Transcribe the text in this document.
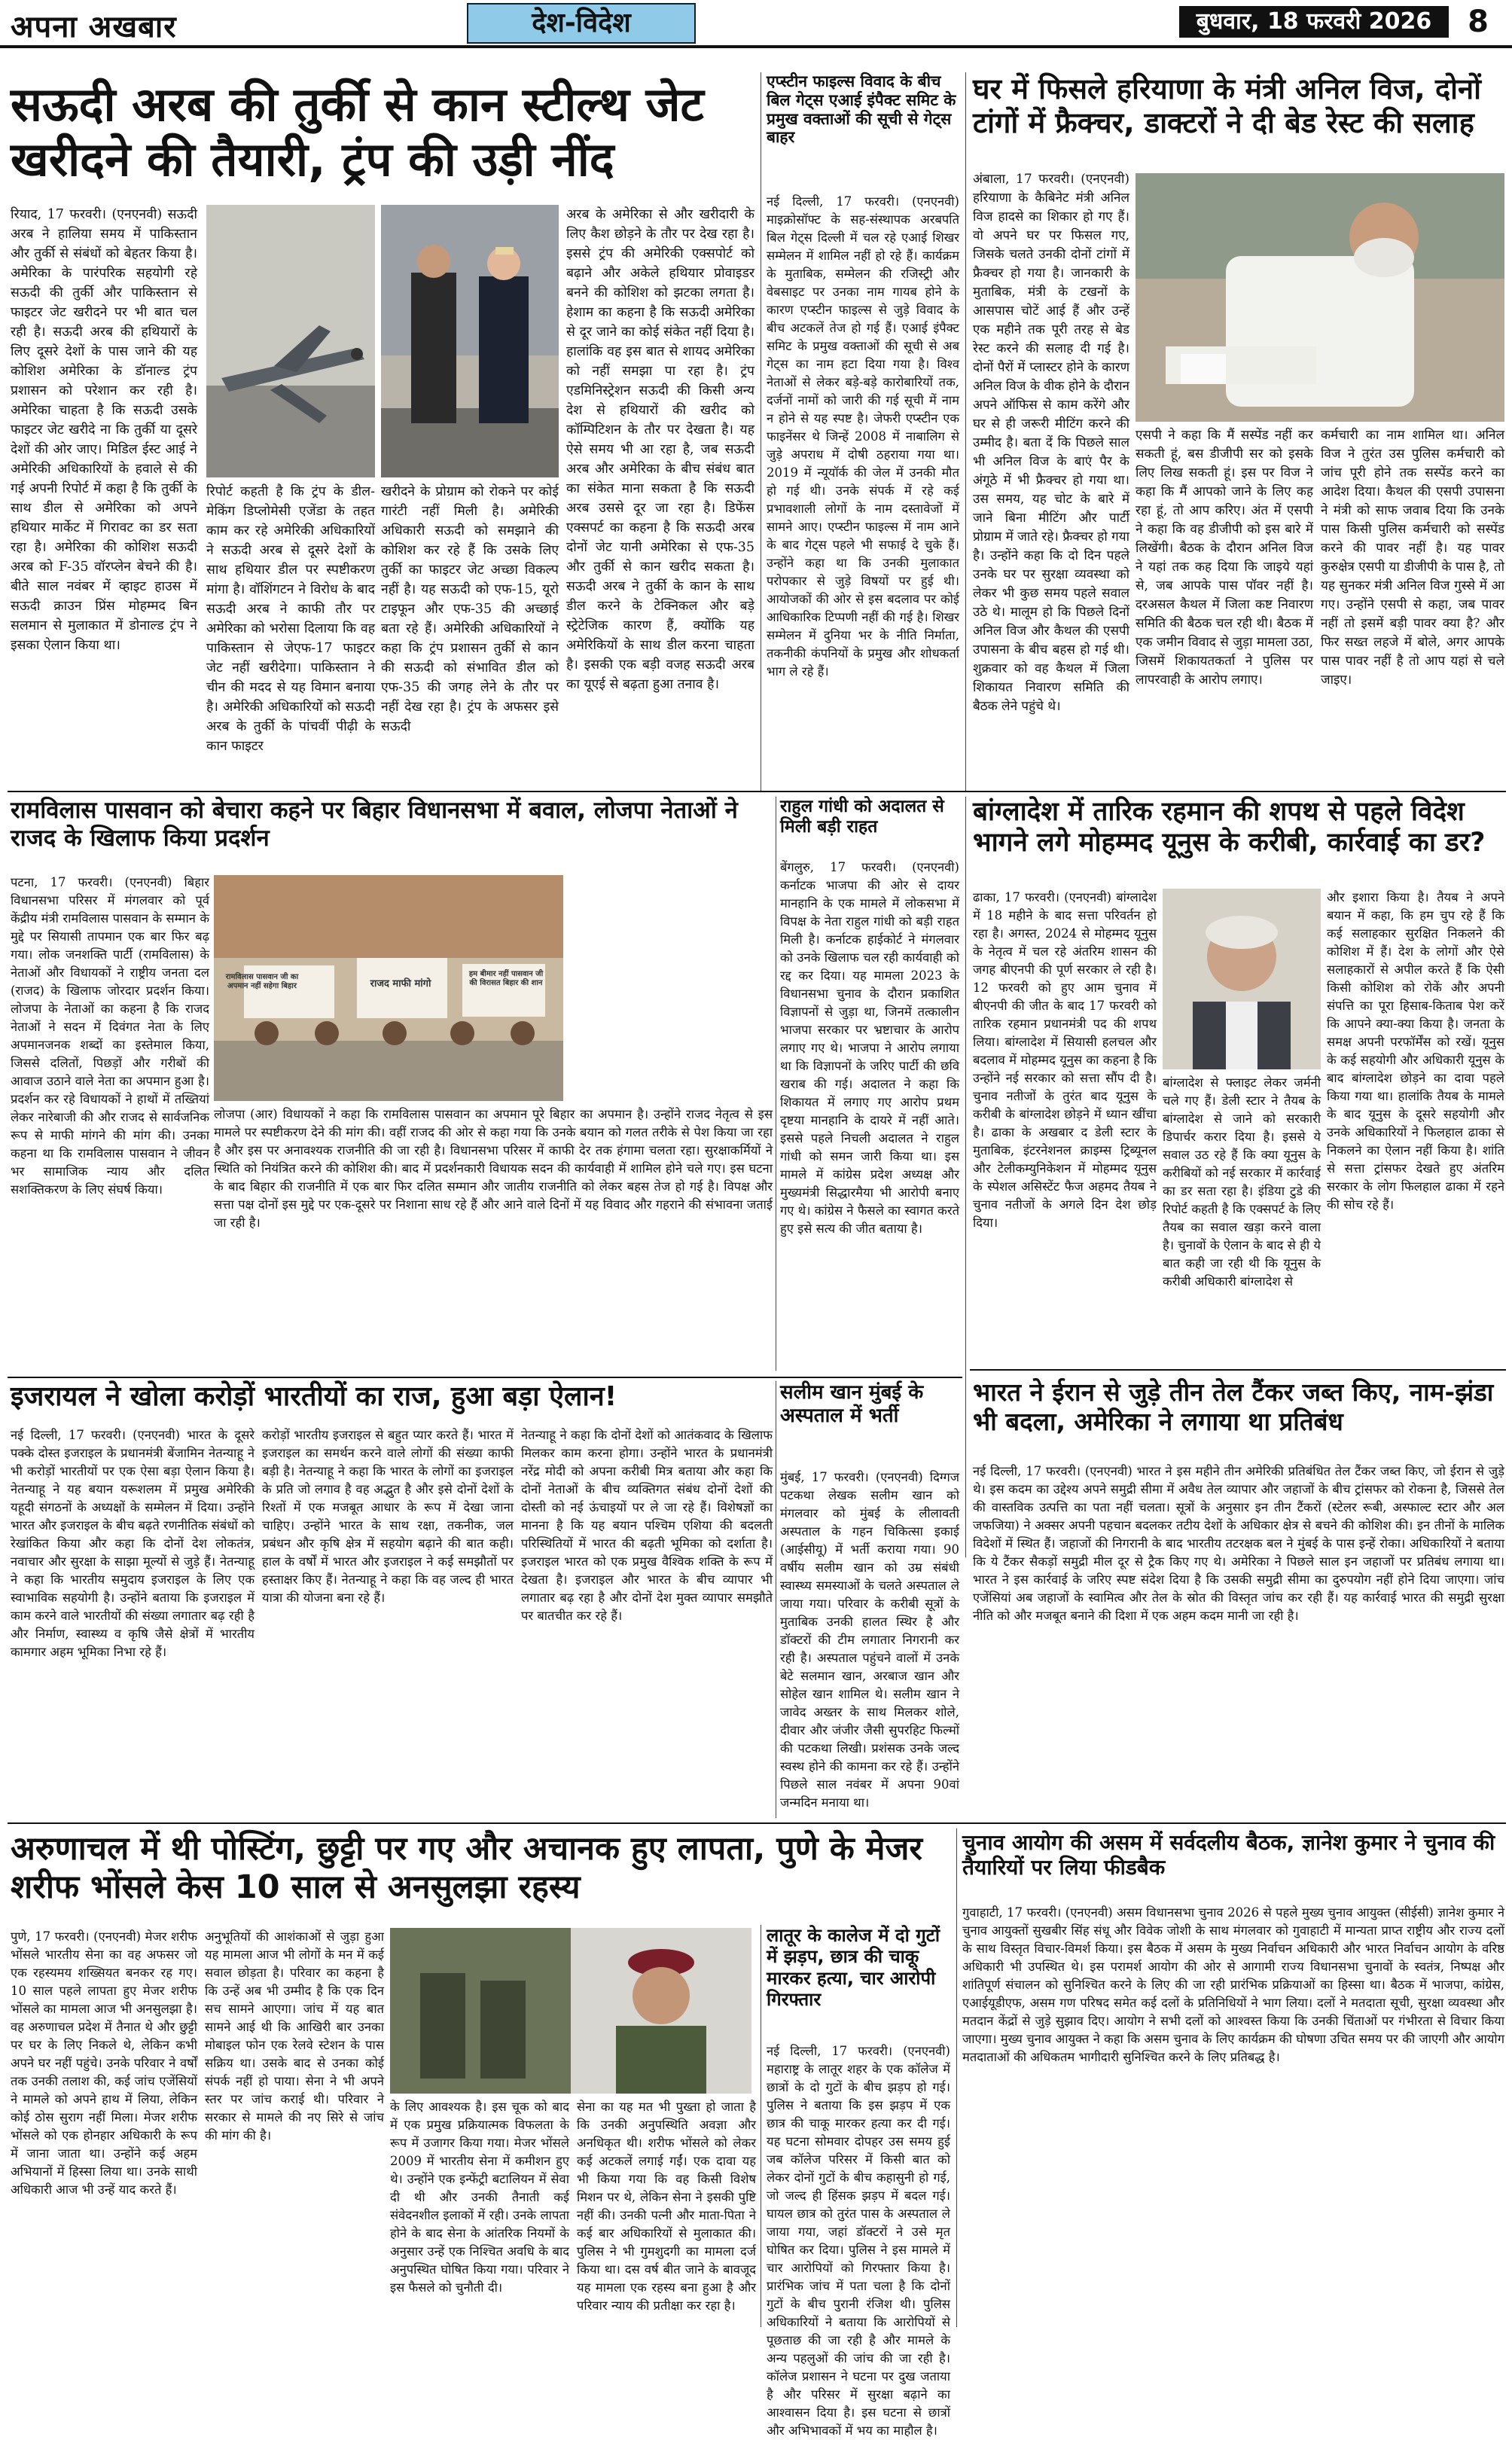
अपना अखबार	देश-विदेश	बुधवार, 18 फरवरी 2026	8
सऊदी अरब की तुर्की से कान स्टील्थ जेट खरीदने की तैयारी, ट्रंप की उड़ी नींद

रियाद, 17 फरवरी। (एनएनवी) सऊदी अरब ने हालिया समय में पाकिस्तान और तुर्की से संबंधों को बेहतर किया है। अमेरिका के पारंपरिक सहयोगी रहे सऊदी की तुर्की और पाकिस्तान से फाइटर जेट खरीदने पर भी बात चल रही है। सऊदी अरब की हथियारों के लिए दूसरे देशों के पास जाने की यह कोशिश अमेरिका के डॉनाल्ड ट्रंप प्रशासन को परेशान कर रही है। अमेरिका चाहता है कि सऊदी उसके फाइटर जेट खरीदे ना कि तुर्की या दूसरे देशों की ओर जाए। मिडिल ईस्ट आई ने अमेरिकी अधिकारियों के हवाले से की गई अपनी रिपोर्ट में कहा है कि तुर्की के साथ डील से अमेरिका को अपने हथियार मार्केट में गिरावट का डर सता रहा है। अमेरिका की कोशिश सऊदी अरब को F-35 वॉरप्लेन बेचने की है। बीते साल नवंबर में व्हाइट हाउस में सऊदी क्राउन प्रिंस मोहम्मद बिन सलमान से मुलाकात में डोनाल्ड ट्रंप ने इसका ऐलान किया था।

रिपोर्ट कहती है कि ट्रंप के डील-मेकिंग डिप्लोमेसी एजेंडा के तहत काम कर रहे अमेरिकी अधिकारियों ने सऊदी अरब से दूसरे देशों के साथ हथियार डील पर स्पष्टीकरण मांगा है। वॉशिंगटन ने विरोध के बाद सऊदी अरब ने काफी तौर पर अमेरिका को भरोसा दिलाया कि वह पाकिस्तान से जेएफ-17 फाइटर जेट नहीं खरीदेगा। पाकिस्तान ने चीन की मदद से यह विमान बनाया है। अमेरिकी अधिकारियों को सऊदी अरब के तुर्की के पांचवीं पीढ़ी के कान फाइटर

खरीदने के प्रोग्राम को रोकने पर कोई गारंटी नहीं मिली है। अमेरिकी अधिकारी सऊदी को समझाने की कोशिश कर रहे हैं कि उसके लिए तुर्की का फाइटर जेट अच्छा विकल्प नहीं है। यह सऊदी को एफ-15, यूरो टाइफून और एफ-35 की अच्छाई बता रहे हैं। अमेरिकी अधिकारियों ने कहा कि ट्रंप प्रशासन तुर्की से कान की सऊदी को संभावित डील को एफ-35 की जगह लेने के तौर पर नहीं देख रहा है। ट्रंप के अफसर इसे सऊदी

अरब के अमेरिका से और खरीदारी के लिए कैश छोड़ने के तौर पर देख रहा है। इससे ट्रंप की अमेरिकी एक्सपोर्ट को बढ़ाने और अकेले हथियार प्रोवाइडर बनने की कोशिश को झटका लगता है। हेशाम का कहना है कि सऊदी अमेरिका से दूर जाने का कोई संकेत नहीं दिया है। हालांकि वह इस बात से शायद अमेरिका को नहीं समझा पा रहा है। ट्रंप एडमिनिस्ट्रेशन सऊदी की किसी अन्य देश से हथियारों की खरीद को कॉम्पिटिशन के तौर पर देखता है। यह ऐसे समय भी आ रहा है, जब सऊदी अरब और अमेरिका के बीच संबंध बात का संकेत माना सकता है कि सऊदी अरब उससे दूर जा रहा है। डिफेंस एक्सपर्ट का कहना है कि सऊदी अरब दोनों जेट यानी अमेरिका से एफ-35 और तुर्की से कान खरीद सकता है। सऊदी अरब ने तुर्की के कान के साथ डील करने के टेक्निकल और बड़े स्ट्रेटेजिक कारण हैं, क्योंकि यह अमेरिकियों के साथ डील करना चाहता है। इसकी एक बड़ी वजह सऊदी अरब का यूएई से बढ़ता हुआ तनाव है।

एप्स्टीन फाइल्स विवाद के बीच बिल गेट्स एआई इंपैक्ट समिट के प्रमुख वक्ताओं की सूची से गेट्स बाहर

नई दिल्ली, 17 फरवरी। (एनएनवी) माइक्रोसॉफ्ट के सह-संस्थापक अरबपति बिल गेट्स दिल्ली में चल रहे एआई शिखर सम्मेलन में शामिल नहीं हो रहे हैं। कार्यक्रम के मुताबिक, सम्मेलन की रजिस्ट्री और वेबसाइट पर उनका नाम गायब होने के कारण एप्स्टीन फाइल्स से जुड़े विवाद के बीच अटकलें तेज हो गई हैं। एआई इंपैक्ट समिट के प्रमुख वक्ताओं की सूची से अब गेट्स का नाम हटा दिया गया है। विश्व नेताओं से लेकर बड़े-बड़े कारोबारियों तक, दर्जनों नामों को जारी की गई सूची में नाम न होने से यह स्पष्ट है। जेफरी एप्स्टीन एक फाइनेंसर थे जिन्हें 2008 में नाबालिग से जुड़े अपराध में दोषी ठहराया गया था। 2019 में न्यूयॉर्क की जेल में उनकी मौत हो गई थी। उनके संपर्क में रहे कई प्रभावशाली लोगों के नाम दस्तावेजों में सामने आए। एप्स्टीन फाइल्स में नाम आने के बाद गेट्स पहले भी सफाई दे चुके हैं। उन्होंने कहा था कि उनकी मुलाकात परोपकार से जुड़े विषयों पर हुई थी। आयोजकों की ओर से इस बदलाव पर कोई आधिकारिक टिप्पणी नहीं की गई है। शिखर सम्मेलन में दुनिया भर के नीति निर्माता, तकनीकी कंपनियों के प्रमुख और शोधकर्ता भाग ले रहे हैं।

घर में फिसले हरियाणा के मंत्री अनिल विज, दोनों टांगों में फ्रैक्चर, डाक्टरों ने दी बेड रेस्ट की सलाह

अंबाला, 17 फरवरी। (एनएनवी) हरियाणा के कैबिनेट मंत्री अनिल विज हादसे का शिकार हो गए हैं। वो अपने घर पर फिसल गए, जिसके चलते उनकी दोनों टांगों में फ्रैक्चर हो गया है। जानकारी के मुताबिक, मंत्री के टखनों के आसपास चोटें आई हैं और उन्हें एक महीने तक पूरी तरह से बेड रेस्ट करने की सलाह दी गई है। दोनों पैरों में प्लास्टर होने के कारण अनिल विज के वीक होने के दौरान अपने ऑफिस से काम करेंगे और घर से ही जरूरी मीटिंग करने की उम्मीद है। बता दें कि पिछले साल भी अनिल विज के बाएं पैर के अंगूठे में भी फ्रैक्चर हो गया था। उस समय, यह चोट के बारे में जाने बिना मीटिंग और पार्टी प्रोग्राम में जाते रहे। फ्रैक्चर हो गया है। उन्होंने कहा कि दो दिन पहले उनके घर पर सुरक्षा व्यवस्था को लेकर भी कुछ समय पहले सवाल उठे थे। मालूम हो कि पिछले दिनों अनिल विज और कैथल की एसपी उपासना के बीच बहस हो गई थी। शुक्रवार को वह कैथल में जिला शिकायत निवारण समिति की बैठक लेने पहुंचे थे।

एसपी ने कहा कि मैं सस्पेंड नहीं कर सकती हूं, बस डीजीपी सर को इसके लिए लिख सकती हूं। इस पर विज ने कहा कि मैं आपको जाने के लिए कह रहा हूं, तो आप करिए। अंत में एसपी ने कहा कि वह डीजीपी को इस बारे में लिखेंगी। बैठक के दौरान अनिल विज ने यहां तक कह दिया कि जाइये यहां से, जब आपके पास पॉवर नहीं है। दरअसल कैथल में जिला कष्ट निवारण समिति की बैठक चल रही थी। बैठक में एक जमीन विवाद से जुड़ा मामला उठा, जिसमें शिकायतकर्ता ने पुलिस पर लापरवाही के आरोप लगाए।

कर्मचारी का नाम शामिल था। अनिल विज ने तुरंत उस पुलिस कर्मचारी को जांच पूरी होने तक सस्पेंड करने का आदेश दिया। कैथल की एसपी उपासना ने मंत्री को साफ जवाब दिया कि उनके पास किसी पुलिस कर्मचारी को सस्पेंड करने की पावर नहीं है। यह पावर कुरुक्षेत्र एसपी या डीजीपी के पास है, तो यह सुनकर मंत्री अनिल विज गुस्से में आ गए। उन्होंने एसपी से कहा, जब पावर नहीं तो इसमें बड़ी पावर क्या है? और फिर सख्त लहजे में बोले, अगर आपके पास पावर नहीं है तो आप यहां से चले जाइए।

रामविलास पासवान को बेचारा कहने पर बिहार विधानसभा में बवाल, लोजपा नेताओं ने राजद के खिलाफ किया प्रदर्शन

पटना, 17 फरवरी। (एनएनवी) बिहार विधानसभा परिसर में मंगलवार को पूर्व केंद्रीय मंत्री रामविलास पासवान के सम्मान के मुद्दे पर सियासी तापमान एक बार फिर बढ़ गया। लोक जनशक्ति पार्टी (रामविलास) के नेताओं और विधायकों ने राष्ट्रीय जनता दल (राजद) के खिलाफ जोरदार प्रदर्शन किया। लोजपा के नेताओं का कहना है कि राजद नेताओं ने सदन में दिवंगत नेता के लिए अपमानजनक शब्दों का इस्तेमाल किया, जिससे दलितों, पिछड़ों और गरीबों की आवाज उठाने वाले नेता का अपमान हुआ है। प्रदर्शन कर रहे विधायकों ने हाथों में तख्तियां लेकर नारेबाजी की और राजद से सार्वजनिक रूप से माफी मांगने की मांग की। उनका कहना था कि रामविलास पासवान ने जीवन भर सामाजिक न्याय और दलित सशक्तिकरण के लिए संघर्ष किया।

रामविलास पासवान जी का अपमान नहीं सहेगा बिहार	राजद माफी मांगो
हम बीमार नहीं पासवान जी की विरासत बिहार की शान

लोजपा (आर) विधायकों ने कहा कि रामविलास पासवान का अपमान पूरे बिहार का अपमान है। उन्होंने राजद नेतृत्व से इस मामले पर स्पष्टीकरण देने की मांग की। वहीं राजद की ओर से कहा गया कि उनके बयान को गलत तरीके से पेश किया जा रहा है और इस पर अनावश्यक राजनीति की जा रही है। विधानसभा परिसर में काफी देर तक हंगामा चलता रहा। सुरक्षाकर्मियों ने स्थिति को नियंत्रित करने की कोशिश की। बाद में प्रदर्शनकारी विधायक सदन की कार्यवाही में शामिल होने चले गए। इस घटना के बाद बिहार की राजनीति में एक बार फिर दलित सम्मान और जातीय राजनीति को लेकर बहस तेज हो गई है। विपक्ष और सत्ता पक्ष दोनों इस मुद्दे पर एक-दूसरे पर निशाना साध रहे हैं और आने वाले दिनों में यह विवाद और गहराने की संभावना जताई जा रही है।

राहुल गांधी को अदालत से मिली बड़ी राहत

बेंगलुरु, 17 फरवरी। (एनएनवी) कर्नाटक भाजपा की ओर से दायर मानहानि के एक मामले में लोकसभा में विपक्ष के नेता राहुल गांधी को बड़ी राहत मिली है। कर्नाटक हाईकोर्ट ने मंगलवार को उनके खिलाफ चल रही कार्यवाही को रद्द कर दिया। यह मामला 2023 के विधानसभा चुनाव के दौरान प्रकाशित विज्ञापनों से जुड़ा था, जिनमें तत्कालीन भाजपा सरकार पर भ्रष्टाचार के आरोप लगाए गए थे। भाजपा ने आरोप लगाया था कि विज्ञापनों के जरिए पार्टी की छवि खराब की गई। अदालत ने कहा कि शिकायत में लगाए गए आरोप प्रथम दृष्टया मानहानि के दायरे में नहीं आते। इससे पहले निचली अदालत ने राहुल गांधी को समन जारी किया था। इस मामले में कांग्रेस प्रदेश अध्यक्ष और मुख्यमंत्री सिद्धारमैया भी आरोपी बनाए गए थे। कांग्रेस ने फैसले का स्वागत करते हुए इसे सत्य की जीत बताया है।

बांग्लादेश में तारिक रहमान की शपथ से पहले विदेश भागने लगे मोहम्मद यूनुस के करीबी, कार्रवाई का डर?

ढाका, 17 फरवरी। (एनएनवी) बांग्लादेश में 18 महीने के बाद सत्ता परिवर्तन हो रहा है। अगस्त, 2024 से मोहम्मद यूनुस के नेतृत्व में चल रहे अंतरिम शासन की जगह बीएनपी की पूर्ण सरकार ले रही है। 12 फरवरी को हुए आम चुनाव में बीएनपी की जीत के बाद 17 फरवरी को तारिक रहमान प्रधानमंत्री पद की शपथ लिया। बांग्लादेश में सियासी हलचल और बदलाव में मोहम्मद यूनुस का कहना है कि उन्होंने नई सरकार को सत्ता सौंप दी है। चुनाव नतीजों के तुरंत बाद यूनुस के करीबी के बांग्लादेश छोड़ने में ध्यान खींचा है। ढाका के अखबार द डेली स्टार के मुताबिक, इंटरनेशनल क्राइम्स ट्रिब्यूनल और टेलीकम्युनिकेशन में मोहम्मद यूनुस के स्पेशल असिस्टेंट फैज अहमद तैयब ने चुनाव नतीजों के अगले दिन देश छोड़ दिया।

बांग्लादेश से फ्लाइट लेकर जर्मनी चले गए हैं। डेली स्टार ने तैयब के बांग्लादेश से जाने को सरकारी डिपार्चर करार दिया है। इससे ये सवाल उठ रहे हैं कि क्या यूनुस के करीबियों को नई सरकार में कार्रवाई का डर सता रहा है। इंडिया टुडे की रिपोर्ट कहती है कि एक्सपर्ट के लिए तैयब का सवाल खड़ा करने वाला है। चुनावों के ऐलान के बाद से ही ये बात कही जा रही थी कि यूनुस के करीबी अधिकारी बांग्लादेश से

और इशारा किया है। तैयब ने अपने बयान में कहा, कि हम चुप रहे हैं कि कई सलाहकार सुरक्षित निकलने की कोशिश में हैं। देश के लोगों और ऐसे सलाहकारों से अपील करते हैं कि ऐसी किसी कोशिश को रोकें और अपनी संपत्ति का पूरा हिसाब-किताब पेश करें कि आपने क्या-क्या किया है। जनता के समक्ष अपनी परफॉर्मेंस को रखें। यूनुस के कई सहयोगी और अधिकारी यूनुस के बाद बांग्लादेश छोड़ने का दावा पहले किया गया था। हालांकि तैयब के मामले के बाद यूनुस के दूसरे सहयोगी और उनके अधिकारियों ने फिलहाल ढाका से निकलने का ऐलान नहीं किया है। शांति से सत्ता ट्रांसफर देखते हुए अंतरिम सरकार के लोग फिलहाल ढाका में रहने की सोच रहे हैं।

इजरायल ने खोला करोड़ों भारतीयों का राज, हुआ बड़ा ऐलान!

नई दिल्ली, 17 फरवरी। (एनएनवी) भारत के दूसरे पक्के दोस्त इजराइल के प्रधानमंत्री बेंजामिन नेतन्याहू ने भी करोड़ों भारतीयों पर एक ऐसा बड़ा ऐलान किया है। नेतन्याहू ने यह बयान यरूशलम में प्रमुख अमेरिकी यहूदी संगठनों के अध्यक्षों के सम्मेलन में दिया। उन्होंने भारत और इजराइल के बीच बढ़ते रणनीतिक संबंधों को रेखांकित किया और कहा कि दोनों देश लोकतंत्र, नवाचार और सुरक्षा के साझा मूल्यों से जुड़े हैं। नेतन्याहू ने कहा कि भारतीय समुदाय इजराइल के लिए एक स्वाभाविक सहयोगी है। उन्होंने बताया कि इजराइल में काम करने वाले भारतीयों की संख्या लगातार बढ़ रही है और निर्माण, स्वास्थ्य व कृषि जैसे क्षेत्रों में भारतीय कामगार अहम भूमिका निभा रहे हैं।

करोड़ों भारतीय इजराइल से बहुत प्यार करते हैं। भारत में इजराइल का समर्थन करने वाले लोगों की संख्या काफी बड़ी है। नेतन्याहू ने कहा कि भारत के लोगों का इजराइल के प्रति जो लगाव है वह अद्भुत है और इसे दोनों देशों के रिश्तों में एक मजबूत आधार के रूप में देखा जाना चाहिए। उन्होंने भारत के साथ रक्षा, तकनीक, जल प्रबंधन और कृषि क्षेत्र में सहयोग बढ़ाने की बात कही। हाल के वर्षों में भारत और इजराइल ने कई समझौतों पर हस्ताक्षर किए हैं। नेतन्याहू ने कहा कि वह जल्द ही भारत यात्रा की योजना बना रहे हैं।

नेतन्याहू ने कहा कि दोनों देशों को आतंकवाद के खिलाफ मिलकर काम करना होगा। उन्होंने भारत के प्रधानमंत्री नरेंद्र मोदी को अपना करीबी मित्र बताया और कहा कि दोनों नेताओं के बीच व्यक्तिगत संबंध दोनों देशों की दोस्ती को नई ऊंचाइयों पर ले जा रहे हैं। विशेषज्ञों का मानना है कि यह बयान पश्चिम एशिया की बदलती परिस्थितियों में भारत की बढ़ती भूमिका को दर्शाता है। इजराइल भारत को एक प्रमुख वैश्विक शक्ति के रूप में देखता है। इजराइल और भारत के बीच व्यापार भी लगातार बढ़ रहा है और दोनों देश मुक्त व्यापार समझौते पर बातचीत कर रहे हैं।

सलीम खान मुंबई के अस्पताल में भर्ती

मुंबई, 17 फरवरी। (एनएनवी) दिग्गज पटकथा लेखक सलीम खान को मंगलवार को मुंबई के लीलावती अस्पताल के गहन चिकित्सा इकाई (आईसीयू) में भर्ती कराया गया। 90 वर्षीय सलीम खान को उम्र संबंधी स्वास्थ्य समस्याओं के चलते अस्पताल ले जाया गया। परिवार के करीबी सूत्रों के मुताबिक उनकी हालत स्थिर है और डॉक्टरों की टीम लगातार निगरानी कर रही है। अस्पताल पहुंचने वालों में उनके बेटे सलमान खान, अरबाज खान और सोहेल खान शामिल थे। सलीम खान ने जावेद अख्तर के साथ मिलकर शोले, दीवार और जंजीर जैसी सुपरहिट फिल्मों की पटकथा लिखी। प्रशंसक उनके जल्द स्वस्थ होने की कामना कर रहे हैं। उन्होंने पिछले साल नवंबर में अपना 90वां जन्मदिन मनाया था।

भारत ने ईरान से जुड़े तीन तेल टैंकर जब्त किए, नाम-झंडा भी बदला, अमेरिका ने लगाया था प्रतिबंध

नई दिल्ली, 17 फरवरी। (एनएनवी) भारत ने इस महीने तीन अमेरिकी प्रतिबंधित तेल टैंकर जब्त किए, जो ईरान से जुड़े थे। इस कदम का उद्देश्य अपने समुद्री सीमा में अवैध तेल व्यापार और जहाजों के बीच ट्रांसफर को रोकना है, जिससे तेल की वास्तविक उत्पत्ति का पता नहीं चलता। सूत्रों के अनुसार इन तीन टैंकरों (स्टेलर रूबी, अस्फाल्ट स्टार और अल जफजिया) ने अक्सर अपनी पहचान बदलकर तटीय देशों के अधिकार क्षेत्र से बचने की कोशिश की। इन तीनों के मालिक विदेशों में स्थित हैं। जहाजों की निगरानी के बाद भारतीय तटरक्षक बल ने मुंबई के पास इन्हें रोका। अधिकारियों ने बताया कि ये टैंकर सैकड़ों समुद्री मील दूर से ट्रैक किए गए थे। अमेरिका ने पिछले साल इन जहाजों पर प्रतिबंध लगाया था। भारत ने इस कार्रवाई के जरिए स्पष्ट संदेश दिया है कि उसकी समुद्री सीमा का दुरुपयोग नहीं होने दिया जाएगा। जांच एजेंसियां अब जहाजों के स्वामित्व और तेल के स्रोत की विस्तृत जांच कर रही हैं। यह कार्रवाई भारत की समुद्री सुरक्षा नीति को और मजबूत बनाने की दिशा में एक अहम कदम मानी जा रही है।

अरुणाचल में थी पोस्टिंग, छुट्टी पर गए और अचानक हुए लापता, पुणे के मेजर शरीफ भोंसले केस 10 साल से अनसुलझा रहस्य

पुणे, 17 फरवरी। (एनएनवी) मेजर शरीफ भोंसले भारतीय सेना का वह अफसर जो एक रहस्यमय शख्सियत बनकर रह गए। 10 साल पहले लापता हुए मेजर शरीफ भोंसले का मामला आज भी अनसुलझा है। वह अरुणाचल प्रदेश में तैनात थे और छुट्टी पर घर के लिए निकले थे, लेकिन कभी अपने घर नहीं पहुंचे। उनके परिवार ने वर्षों तक उनकी तलाश की, कई जांच एजेंसियों ने मामले को अपने हाथ में लिया, लेकिन कोई ठोस सुराग नहीं मिला। मेजर शरीफ भोंसले को एक होनहार अधिकारी के रूप में जाना जाता था। उन्होंने कई अहम अभियानों में हिस्सा लिया था। उनके साथी अधिकारी आज भी उन्हें याद करते हैं।

अनुभूतियों की आशंकाओं से जुड़ा हुआ यह मामला आज भी लोगों के मन में कई सवाल छोड़ता है। परिवार का कहना है कि उन्हें अब भी उम्मीद है कि एक दिन सच सामने आएगा। जांच में यह बात सामने आई थी कि आखिरी बार उनका मोबाइल फोन एक रेलवे स्टेशन के पास सक्रिय था। उसके बाद से उनका कोई संपर्क नहीं हो पाया। सेना ने भी अपने स्तर पर जांच कराई थी। परिवार ने सरकार से मामले की नए सिरे से जांच की मांग की है।

के लिए आवश्यक है। इस चूक को बाद में एक प्रमुख प्रक्रियात्मक विफलता के रूप में उजागर किया गया। मेजर भोंसले 2009 में भारतीय सेना में कमीशन हुए थे। उन्होंने एक इन्फेंट्री बटालियन में सेवा दी थी और उनकी तैनाती कई संवेदनशील इलाकों में रही। उनके लापता होने के बाद सेना के आंतरिक नियमों के अनुसार उन्हें एक निश्चित अवधि के बाद अनुपस्थित घोषित किया गया। परिवार ने इस फैसले को चुनौती दी।

सेना का यह मत भी पुख्ता हो जाता है कि उनकी अनुपस्थिति अवज्ञा और अनधिकृत थी। शरीफ भोंसले को लेकर कई अटकलें लगाई गईं। एक दावा यह भी किया गया कि वह किसी विशेष मिशन पर थे, लेकिन सेना ने इसकी पुष्टि नहीं की। उनकी पत्नी और माता-पिता ने कई बार अधिकारियों से मुलाकात की। पुलिस ने भी गुमशुदगी का मामला दर्ज किया था। दस वर्ष बीत जाने के बावजूद यह मामला एक रहस्य बना हुआ है और परिवार न्याय की प्रतीक्षा कर रहा है।

लातूर के कालेज में दो गुटों में झड़प, छात्र की चाकू मारकर हत्या, चार आरोपी गिरफ्तार

नई दिल्ली, 17 फरवरी। (एनएनवी) महाराष्ट्र के लातूर शहर के एक कॉलेज में छात्रों के दो गुटों के बीच झड़प हो गई। पुलिस ने बताया कि इस झड़प में एक छात्र की चाकू मारकर हत्या कर दी गई। यह घटना सोमवार दोपहर उस समय हुई जब कॉलेज परिसर में किसी बात को लेकर दोनों गुटों के बीच कहासुनी हो गई, जो जल्द ही हिंसक झड़प में बदल गई। घायल छात्र को तुरंत पास के अस्पताल ले जाया गया, जहां डॉक्टरों ने उसे मृत घोषित कर दिया। पुलिस ने इस मामले में चार आरोपियों को गिरफ्तार किया है। प्रारंभिक जांच में पता चला है कि दोनों गुटों के बीच पुरानी रंजिश थी। पुलिस अधिकारियों ने बताया कि आरोपियों से पूछताछ की जा रही है और मामले के अन्य पहलुओं की जांच की जा रही है। कॉलेज प्रशासन ने घटना पर दुख जताया है और परिसर में सुरक्षा बढ़ाने का आश्वासन दिया है। इस घटना से छात्रों और अभिभावकों में भय का माहौल है।

चुनाव आयोग की असम में सर्वदलीय बैठक, ज्ञानेश कुमार ने चुनाव की तैयारियों पर लिया फीडबैक

गुवाहाटी, 17 फरवरी। (एनएनवी) असम विधानसभा चुनाव 2026 से पहले मुख्य चुनाव आयुक्त (सीईसी) ज्ञानेश कुमार ने चुनाव आयुक्तों सुखबीर सिंह संधू और विवेक जोशी के साथ मंगलवार को गुवाहाटी में मान्यता प्राप्त राष्ट्रीय और राज्य दलों के साथ विस्तृत विचार-विमर्श किया। इस बैठक में असम के मुख्य निर्वाचन अधिकारी और भारत निर्वाचन आयोग के वरिष्ठ अधिकारी भी उपस्थित थे। इस परामर्श आयोग की ओर से आगामी राज्य विधानसभा चुनावों के स्वतंत्र, निष्पक्ष और शांतिपूर्ण संचालन को सुनिश्चित करने के लिए की जा रही प्रारंभिक प्रक्रियाओं का हिस्सा था। बैठक में भाजपा, कांग्रेस, एआईयूडीएफ, असम गण परिषद समेत कई दलों के प्रतिनिधियों ने भाग लिया। दलों ने मतदाता सूची, सुरक्षा व्यवस्था और मतदान केंद्रों से जुड़े सुझाव दिए। आयोग ने सभी दलों को आश्वस्त किया कि उनकी चिंताओं पर गंभीरता से विचार किया जाएगा। मुख्य चुनाव आयुक्त ने कहा कि असम चुनाव के लिए कार्यक्रम की घोषणा उचित समय पर की जाएगी और आयोग मतदाताओं की अधिकतम भागीदारी सुनिश्चित करने के लिए प्रतिबद्ध है।
